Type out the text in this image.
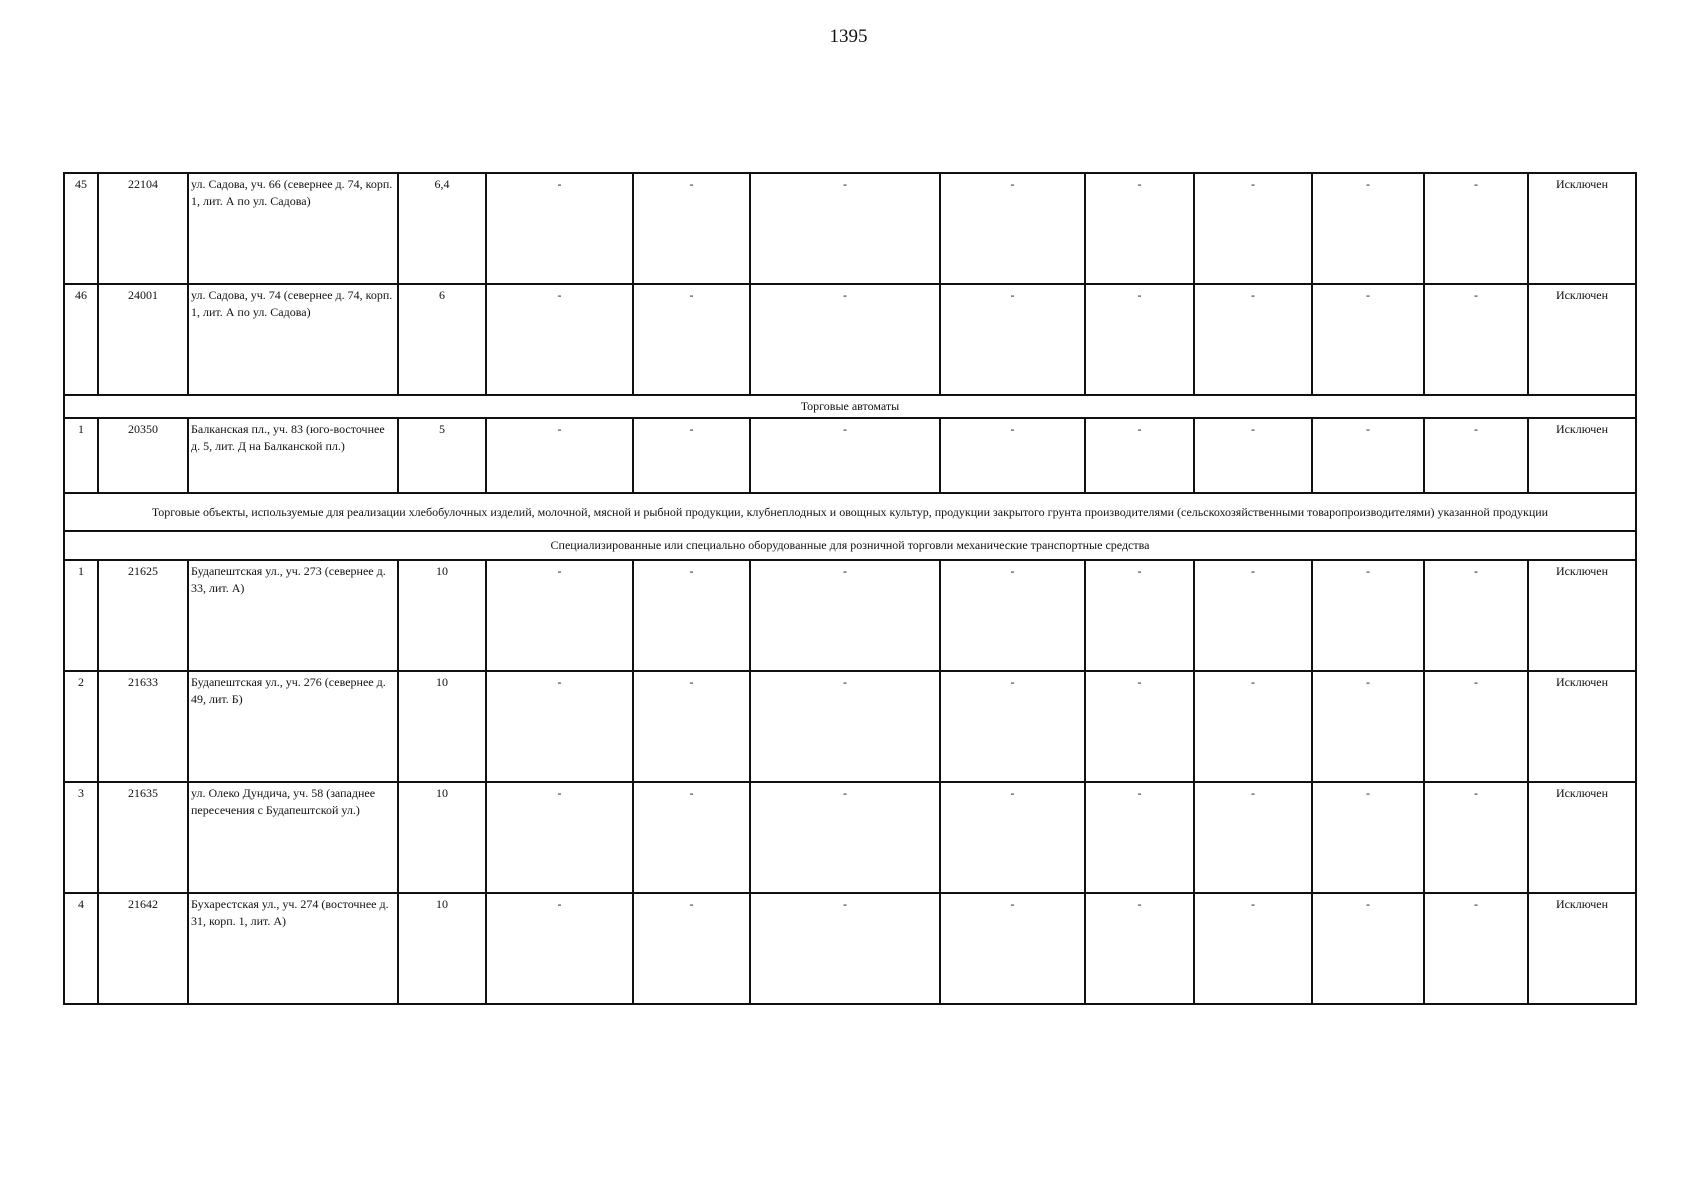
1395
45	22104	ул. Садова, уч. 66 (севернее д. 74, корп. 1, лит. А по ул. Садова)	6,4	-	-	-	-	-	-	-	-	Исключен
46	24001	ул. Садова, уч. 74 (севернее д. 74, корп. 1, лит. А по ул. Садова)	6	-	-	-	-	-	-	-	-	Исключен
Торговые автоматы												
1	20350	Балканская пл., уч. 83 (юго-восточнее д. 5, лит. Д на Балканской пл.)	5	-	-	-	-	-	-	-	-	Исключен
Торговые объекты, используемые для реализации хлебобулочных изделий, молочной, мясной и рыбной продукции, клубнеплодных и овощных культур, продукции закрытого грунта производителями (сельскохозяйственными товаропроизводителями) указанной продукции												
Специализированные или специально оборудованные для розничной торговли механические транспортные средства												
1	21625	Будапештская ул., уч. 273 (севернее д. 33, лит. А)	10	-	-	-	-	-	-	-	-	Исключен
2	21633	Будапештская ул., уч. 276 (севернее д. 49, лит. Б)	10	-	-	-	-	-	-	-	-	Исключен
3	21635	ул. Олеко Дундича, уч. 58 (западнее пересечения с Будапештской ул.)	10	-	-	-	-	-	-	-	-	Исключен
4	21642	Бухарестская ул., уч. 274 (восточнее д. 31, корп. 1, лит. А)	10	-	-	-	-	-	-	-	-	Исключен
